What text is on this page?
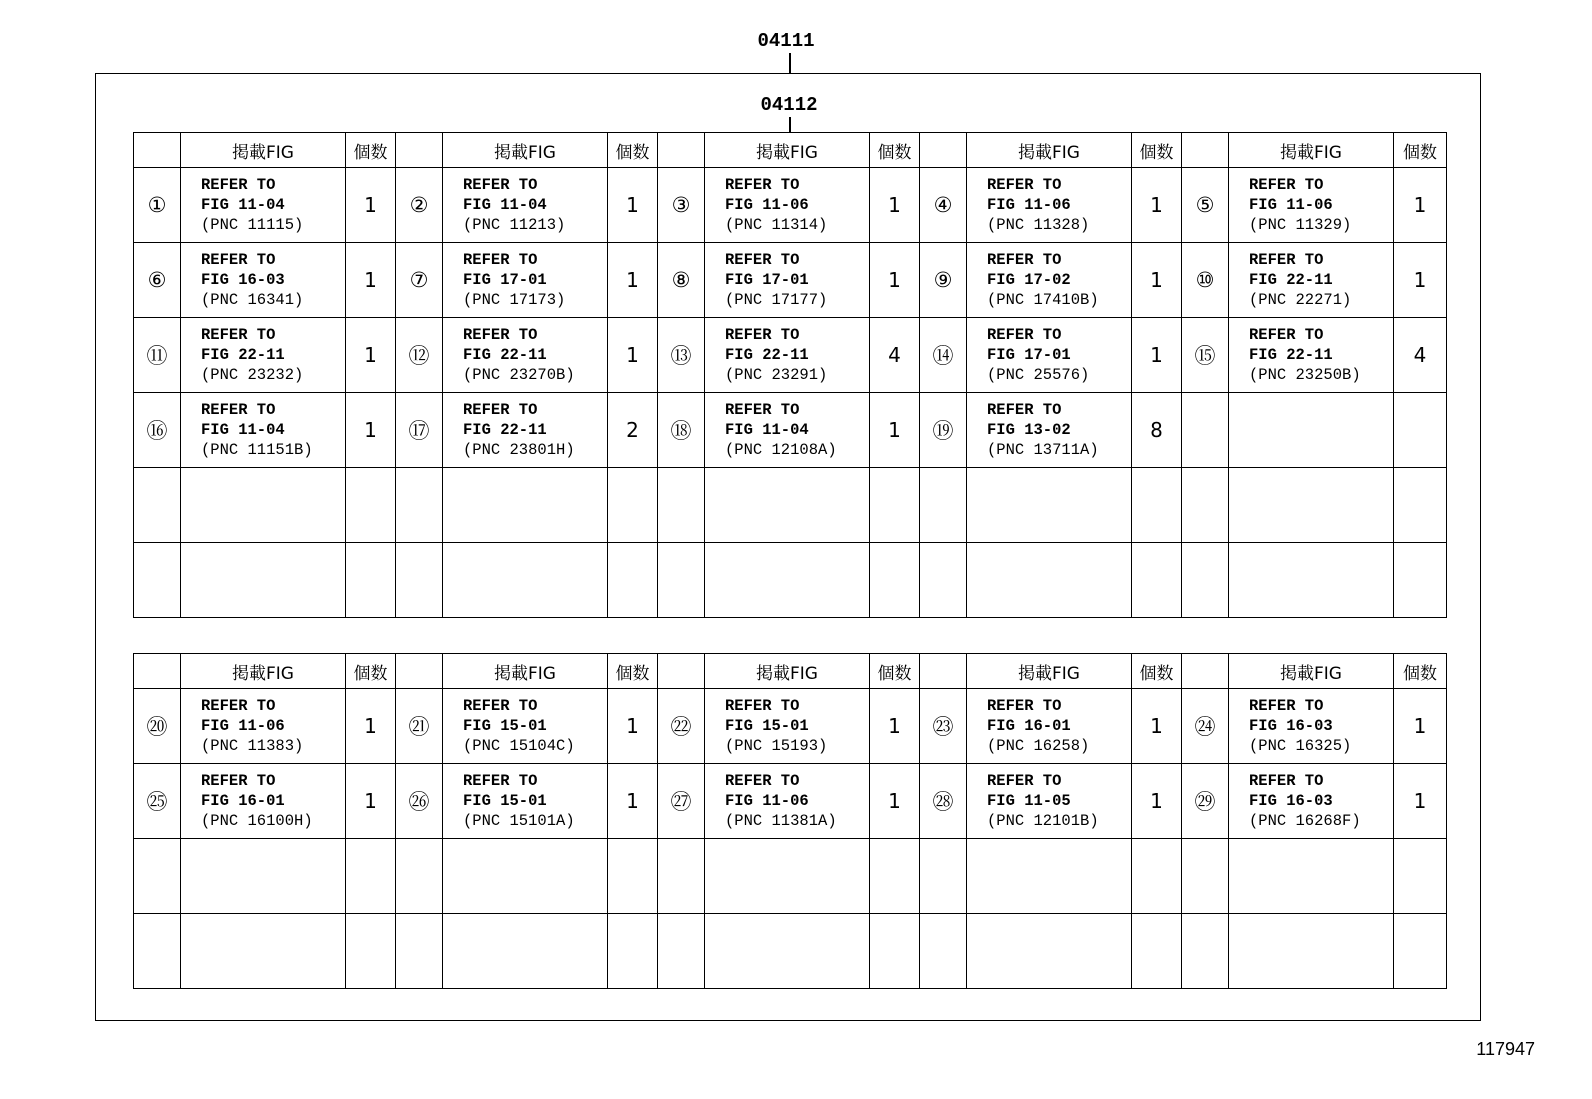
04111
04112
	掲載FIG	個数		掲載FIG	個数		掲載FIG	個数		掲載FIG	個数		掲載FIG	個数
①	REFER TO
FIG 11-04
(PNC 11115)	1	②	REFER TO
FIG 11-04
(PNC 11213)	1	③	REFER TO
FIG 11-06
(PNC 11314)	1	④	REFER TO
FIG 11-06
(PNC 11328)	1	⑤	REFER TO
FIG 11-06
(PNC 11329)	1
⑥	REFER TO
FIG 16-03
(PNC 16341)	1	⑦	REFER TO
FIG 17-01
(PNC 17173)	1	⑧	REFER TO
FIG 17-01
(PNC 17177)	1	⑨	REFER TO
FIG 17-02
(PNC 17410B)	1	⑩	REFER TO
FIG 22-11
(PNC 22271)	1
⑪	REFER TO
FIG 22-11
(PNC 23232)	1	⑫	REFER TO
FIG 22-11
(PNC 23270B)	1	⑬	REFER TO
FIG 22-11
(PNC 23291)	4	⑭	REFER TO
FIG 17-01
(PNC 25576)	1	⑮	REFER TO
FIG 22-11
(PNC 23250B)	4
⑯	REFER TO
FIG 11-04
(PNC 11151B)	1	⑰	REFER TO
FIG 22-11
(PNC 23801H)	2	⑱	REFER TO
FIG 11-04
(PNC 12108A)	1	⑲	REFER TO
FIG 13-02
(PNC 13711A)	8		

	掲載FIG	個数		掲載FIG	個数		掲載FIG	個数		掲載FIG	個数		掲載FIG	個数
⑳	REFER TO
FIG 11-06
(PNC 11383)	1	㉑	REFER TO
FIG 15-01
(PNC 15104C)	1	㉒	REFER TO
FIG 15-01
(PNC 15193)	1	㉓	REFER TO
FIG 16-01
(PNC 16258)	1	㉔	REFER TO
FIG 16-03
(PNC 16325)	1
㉕	REFER TO
FIG 16-01
(PNC 16100H)	1	㉖	REFER TO
FIG 15-01
(PNC 15101A)	1	㉗	REFER TO
FIG 11-06
(PNC 11381A)	1	㉘	REFER TO
FIG 11-05
(PNC 12101B)	1	㉙	REFER TO
FIG 16-03
(PNC 16268F)	1

117947
